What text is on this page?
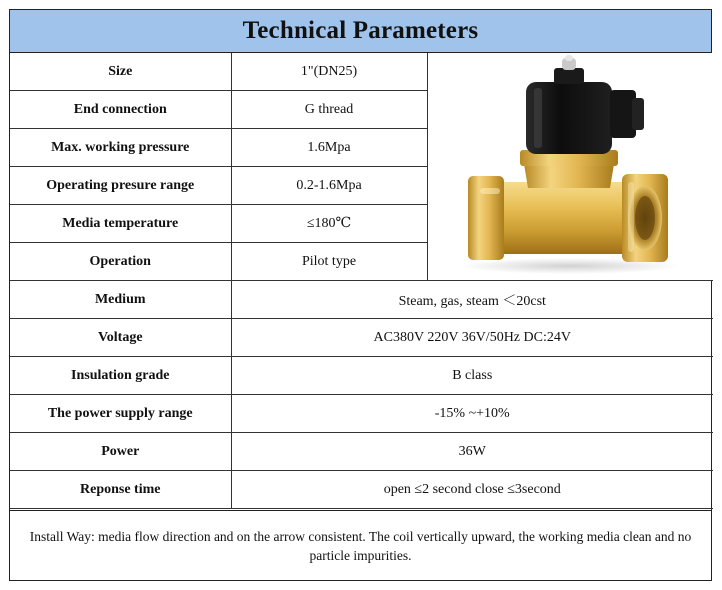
Technical Parameters
Size	1"(DN25)	

End connection	G thread	
Max. working pressure	1.6Mpa	
Operating presure range	0.2-1.6Mpa	
Media temperature	≤180℃	
Operation	Pilot type	
Medium	Steam, gas, steam ＜20cst	
Voltage	AC380V 220V 36V/50Hz DC:24V	
Insulation grade	B class	
The power supply range	-15% ~+10%	
Power	36W	
Reponse time	open ≤2 second close ≤3second	
Install Way: media flow direction and on the arrow consistent. The coil vertically upward, the working media clean and no particle impurities.
